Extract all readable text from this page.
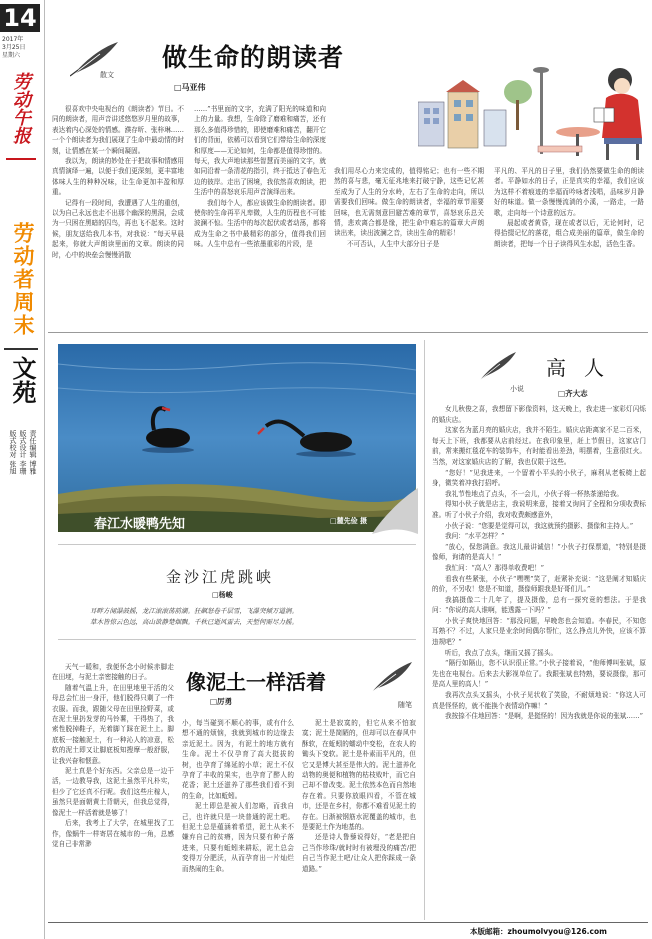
14
2017年
3月25日
星期六
劳动午报
劳动者周末
文苑
责任编辑 博雅
版式设计 李珊
版式校对 张旭
散文
做生命的朗读者
□马亚伟

很喜欢中央电视台的《朗读者》节目。不同的朗读者，用声音讲述悠悠岁月里的故事，表达着内心深处的情感。濮存昕、张梓琳……一个个朗读者为我们展现了生命中最动情的时刻，让情感在某一个瞬间凝固。

我以为，朗读的妙处在于把故事和情感用真情演绎一遍，以便于我们更深刻，更丰富地体味人生的种种况味，让生命更加丰盈和厚重。

记得有一段时间，我遭遇了人生的重创，以为自己永远也走不出那个幽深的黑洞，会成为一只困在黑暗的囚鸟，再也飞不起来。这时候，朋友送给我几本书，对我说：“每天早晨起来，你就大声朗读里面的文章。朗读的同时，心中的块垒会慢慢消散

……”书里面的文字，充满了阳光的味道和向上的力量。我想，生命除了磨难和痛苦，还有那么多值得珍惜的，即使磨难和痛苦，翻开它们的背面，依稀可以看到它们带给生命的深度和厚度——无论如何，生命都是值得珍惜的。每天，我大声地读那些智慧而美丽的文字，就如同沿着一条清花的指引，终于抵达了春色无边的彼岸。走出了困境，我依然喜欢朗读，把生活中的喜怒哀乐用声音演绎出来。

我们每个人，都应该做生命的朗读者。即使你的生命再平凡卑微，人生的历程也不可能波澜不惊。生活中的每次起伏或者动荡，都将成为生命之书中最精彩的部分，值得我们回味。人生中总有一些浓墨重彩的片段，是

我们用尽心力来完成的，值得铭记；也有一些不期然的喜与悲，毫无征兆地来打破宁静，这些记忆甚至成为了人生的分水岭，左右了生命的走向，所以需要我们回味。做生命的朗读者，幸福的章节需要回味，也无需刻意回避苦难的章节，喜怒哀乐总关情，悲欢离合都是缘，把生命中难忘的篇章大声朗读出来，读出波澜之音，读出生命的精彩！

不可否认，人生中大部分日子是

平凡的、平凡的日子里，我们仍然要做生命的朗读者。平静如水的日子，正是真实的幸福，我们应该为这样不着痕迹的幸福而吟咏者浅唱，品味岁月静好的味道。做一条慢慢流淌的小溪，一路走，一路歌，走向每一个诗意的远方。

晨起或者黄昏，现在或者以后，无论何时，记得拾掇记忆的落花，组合成美丽的篇章，做生命的朗读者，把每一个日子读得风生水起，活色生香。

春江水暖鸭先知	□麓先俭 摄
金沙江虎跳峡
□杨峻
耳畔方闻瀑鼓摇，龙江滚滚荡前潮。狂飙怒卷千层雪，飞瀑突倾万道涧。
草木皆惊云色远，高山欲静楚烟飘。千秋已逝风雷去，天堑何需尽力摇。
像泥土一样活着
□厉勇	随笔

天气一暖和，我便怀念小时候赤脚走在田埂，与泥土亲密接触的日子。

随着气温上升，在田里地里干活的父母总会忙出一身汗，他们脱得只剩了一件衣服。而我，跟随父母在田里捡野菜，或在泥土里扔发芽的马铃薯，干得热了，我索性脱掉鞋子，光着脚丫踩在泥土上。脚底板一接触泥土，有一种沁人的凉意，松软的泥土即又让脚底板知搜摩一般舒服，让我兴奋和惬意。

泥土真是个好东西。父亲总是一边干活，一边教导我，这泥土虽然平凡朴实，但少了它还真不行呢。我们这些庄稼人，虽然只是面朝黄土背朝天，但我总觉得，像泥土一样活着就是够了！

后来，我考上了大学，在城里找了工作，像蜗牛一样寄居在城市的一角，总感觉自己非常渺

小，每当碰到不顺心的事，或有什么想不通的烦恼，我就到城市的边缘去亲近泥土。因为，有泥土的地方就有生命。泥土不仅孕育了高大挺拔的树，也孕育了绵延的小草；泥土不仅孕育了丰收的果实，也孕育了醉人的花香；泥土还滋养了那些我们看不到的生命，比如蚯蚓。

泥土即总是被人们忽略，而我自己，也许就只是一块普通的泥土吧。但泥土总是蕴涵着希望，泥土从来不嫌弃自己的贫瘠，因为只要有种子落进来，只要有蚯蚓来耕耘，泥土总会变得万分肥沃，从而孕育出一片灿烂而热闹的生命。

泥土是寂寞的，但它从来不怕寂寞；泥土是简陋的，但却可以在春风中酥软，在蚯蚓的蠕动中变松，在农人的锄头下变软。泥土是朴素而平凡的，但它又是博大甚至是伟大的。泥土滋养化动物的奥便和植物的枯枝败叶，而它自己却不曾改变。泥土依然本色而自然地存在着。只要你放眼四看，不管在城市，还是在乡村，你都不难看见泥土的存在。日渐被钢筋水泥覆盖的城市，也是要泥土作为地基的。

还是诗人鲁藜说得好，“老是把自己当作珍珠/就时时有被埋没的痛苦/把自己当作泥土吧/让众人把你踩成一条道路。”

小说
高人
□齐大志

女儿秋俊之喜，我想留下影像资料，这天晚上，我走进一家彩灯闪烁的婚庆店。

这家名为蓝月亮的婚庆店，我并不陌生。婚庆店距离家不足二百米，每天上下班，我都要从店前经过。在我印象里，赶上节假日，这家店门前，常来搬红毯花车的装饰车，有时能看出差劲，明摆着，生意很红火。当然，对这家婚庆店的了解，我也仅限于这些。

“您好！”见我进来，一个留着小平头的小伙子，麻利从老板椅上起身，微笑着冲我打招呼。

我礼节性地点了点头，不一会儿，小伙子将一杯热茶递给我。

得知小伙子就是店主，我说明来意，接着又询问了全程和分项收费标准。听了小伙子介绍，我对收费颇感意外，

小伙子说：“您要是觉得可以，我这就预约摄影、摄像和主持人。”

我问：“水平怎样？”

“放心，保您满意。我这儿最讲诚信！”小伙子打保票道，“特别是摄像师，询请的是高人！”

我忙问：“高人？那得单收费吧！”

看我有些紧张，小伙子“嘿嘿”笑了，赶紧补充说：“这是阐才知婚庆的价，不另收！您是不知道，摄像师跟我是好哥们儿。”

我搞摄像二十几年了，提及摄像，总有一探究竟的想法。于是我问：“你说的高人谁啊，能透露一下吗？”

小伙子爽快地回答：“那没问题，早晚您也会知道。李春民，不知您耳熟不？不过，人家只是业余时间偶尔帮忙，这么挣点儿外快，应该不算违规吧？”

听后，我点了点头，继而又摇了摇头。

“隔行如隔山，您不认识很正常。”小伙子接着说，“他师傅叫张斌，原先也在电视台。后来去大影视单位了。我跟张斌也特熟，要说摄像，那可是高人里的高人！”

我再次点头又摇头，小伙子见状收了笑脸，不耐烦地说：“你这人可真是怪怪的，就不能换个表情动作嘛！”

我按捺不住地回答：“是啊，是挺怪的！因为我就是你说的张斌……”

本版邮箱：zhoumolvyou@126.com
